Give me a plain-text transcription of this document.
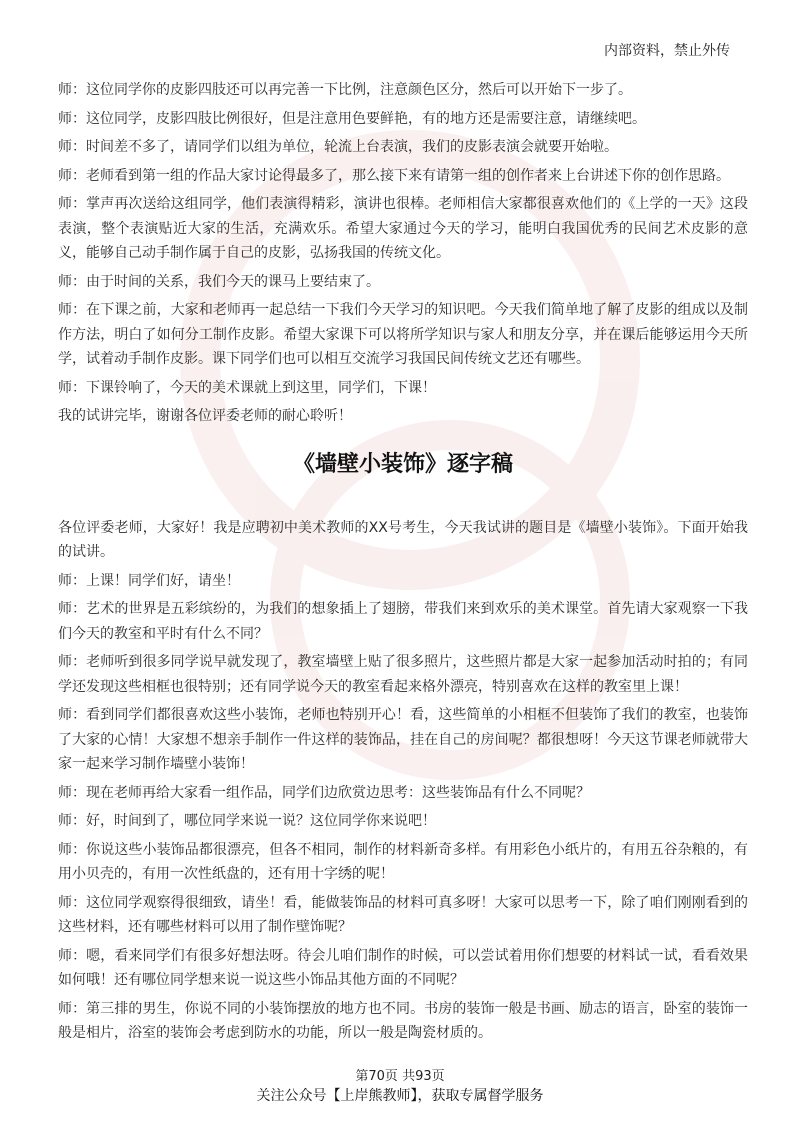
内部资料，禁止外传

师：这位同学你的皮影四肢还可以再完善一下比例，注意颜色区分，然后可以开始下一步了。

师：这位同学，皮影四肢比例很好，但是注意用色要鲜艳，有的地方还是需要注意，请继续吧。

师：时间差不多了，请同学们以组为单位，轮流上台表演，我们的皮影表演会就要开始啦。

师：老师看到第一组的作品大家讨论得最多了，那么接下来有请第一组的创作者来上台讲述下你的创作思路。

师：掌声再次送给这组同学，他们表演得精彩，演讲也很棒。老师相信大家都很喜欢他们的《上学的一天》这段表演，整个表演贴近大家的生活，充满欢乐。希望大家通过今天的学习，能明白我国优秀的民间艺术皮影的意义，能够自己动手制作属于自己的皮影，弘扬我国的传统文化。

师：由于时间的关系，我们今天的课马上要结束了。

师：在下课之前，大家和老师再一起总结一下我们今天学习的知识吧。今天我们简单地了解了皮影的组成以及制作方法，明白了如何分工制作皮影。希望大家课下可以将所学知识与家人和朋友分享，并在课后能够运用今天所学，试着动手制作皮影。课下同学们也可以相互交流学习我国民间传统文艺还有哪些。

师：下课铃响了，今天的美术课就上到这里，同学们，下课！

我的试讲完毕，谢谢各位评委老师的耐心聆听！

《墙壁小装饰》逐字稿

各位评委老师，大家好！我是应聘初中美术教师的XX号考生，今天我试讲的题目是《墙壁小装饰》。下面开始我的试讲。

师：上课！同学们好，请坐！

师：艺术的世界是五彩缤纷的，为我们的想象插上了翅膀，带我们来到欢乐的美术课堂。首先请大家观察一下我们今天的教室和平时有什么不同？

师：老师听到很多同学说早就发现了，教室墙壁上贴了很多照片，这些照片都是大家一起参加活动时拍的；有同学还发现这些相框也很特别；还有同学说今天的教室看起来格外漂亮，特别喜欢在这样的教室里上课！

师：看到同学们都很喜欢这些小装饰，老师也特别开心！看，这些简单的小相框不但装饰了我们的教室，也装饰了大家的心情！大家想不想亲手制作一件这样的装饰品，挂在自己的房间呢？都很想呀！今天这节课老师就带大家一起来学习制作墙壁小装饰！

师：现在老师再给大家看一组作品，同学们边欣赏边思考：这些装饰品有什么不同呢？

师：好，时间到了，哪位同学来说一说？这位同学你来说吧！

师：你说这些小装饰品都很漂亮，但各不相同，制作的材料新奇多样。有用彩色小纸片的，有用五谷杂粮的，有用小贝壳的，有用一次性纸盘的，还有用十字绣的呢！

师：这位同学观察得很细致，请坐！看，能做装饰品的材料可真多呀！大家可以思考一下，除了咱们刚刚看到的这些材料，还有哪些材料可以用了制作壁饰呢？

师：嗯，看来同学们有很多好想法呀。待会儿咱们制作的时候，可以尝试着用你们想要的材料试一试，看看效果如何哦！还有哪位同学想来说一说这些小饰品其他方面的不同呢？

师：第三排的男生，你说不同的小装饰摆放的地方也不同。书房的装饰一般是书画、励志的语言，卧室的装饰一般是相片，浴室的装饰会考虑到防水的功能，所以一般是陶瓷材质的。

第70页 共93页
关注公众号【上岸熊教师】，获取专属督学服务
